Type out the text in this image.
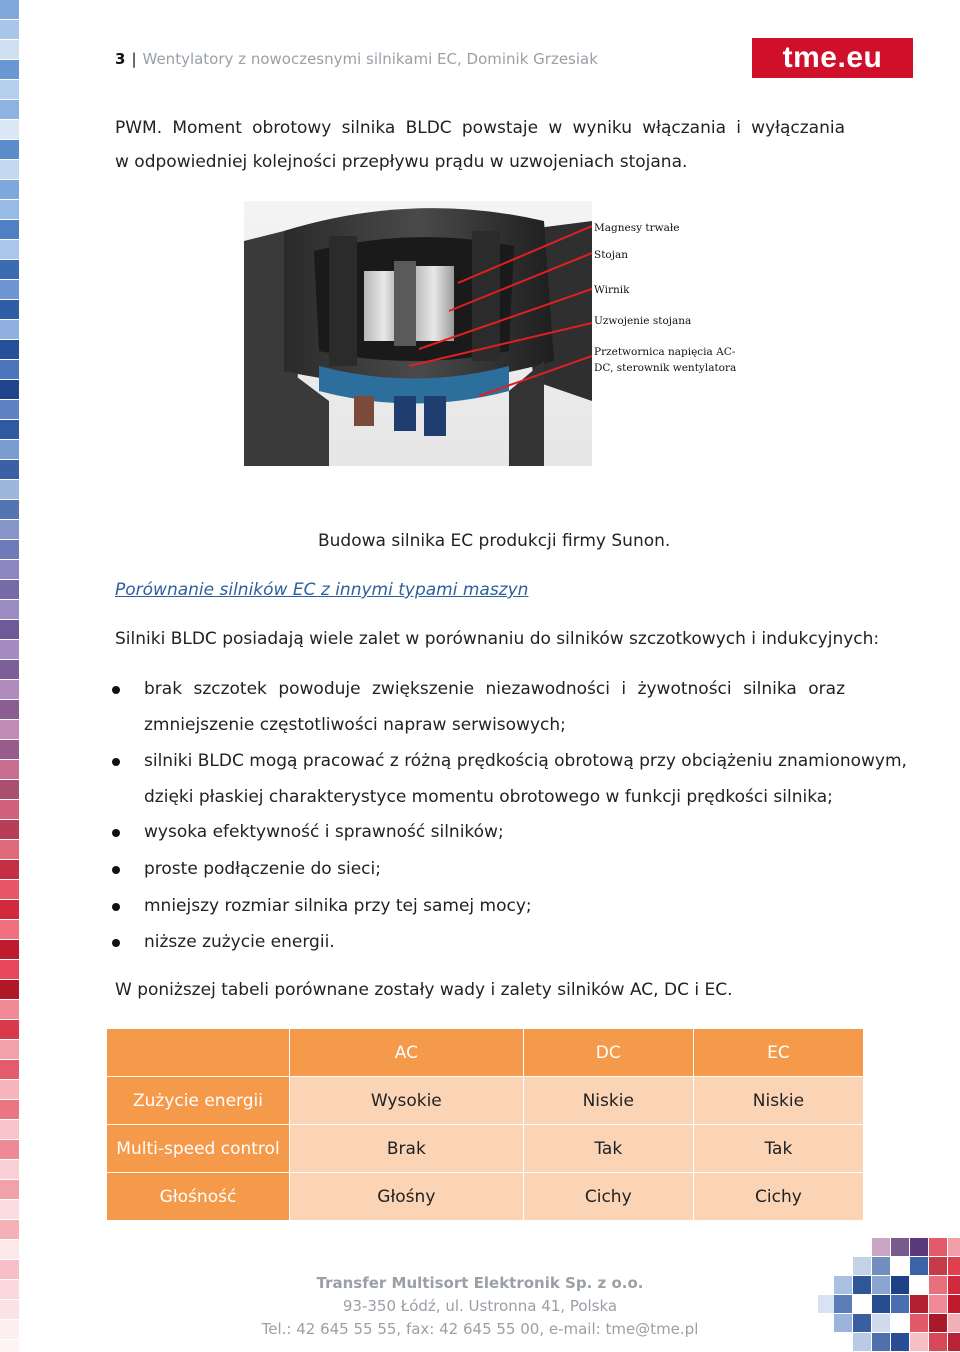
3 | Wentylatory z nowoczesnymi silnikami EC, Dominik Grzesiak	tme.eu
PWM. Moment obrotowy silnika BLDC powstaje w wyniku włączania i wyłączania
w odpowiedniej kolejności przepływu prądu w uzwojeniach stojana.
Magnesy trwałe
Stojan
Wirnik
Uzwojenie stojana
Przetwornica napięcia AC-
DC, sterownik wentylatora
Budowa silnika EC produkcji firmy Sunon.
Porównanie silników EC z innymi typami maszyn
Silniki BLDC posiadają wiele zalet w porównaniu do silników szczotkowych i indukcyjnych:
brak szczotek powoduje zwiększenie niezawodności i żywotności silnika oraz
zmniejszenie częstotliwości napraw serwisowych;
silniki BLDC mogą pracować z różną prędkością obrotową przy obciążeniu znamionowym,
dzięki płaskiej charakterystyce momentu obrotowego w funkcji prędkości silnika;
wysoka efektywność i sprawność silników;
proste podłączenie do sieci;
mniejszy rozmiar silnika przy tej samej mocy;
niższe zużycie energii.
W poniższej tabeli porównane zostały wady i zalety silników AC, DC i EC.
	AC	DC	EC
Zużycie energii	Wysokie	Niskie	Niskie
Multi-speed control	Brak	Tak	Tak
Głośność	Głośny	Cichy	Cichy
Transfer Multisort Elektronik Sp. z o.o.
93-350 Łódź, ul. Ustronna 41, Polska
Tel.: 42 645 55 55, fax: 42 645 55 00, e-mail: tme@tme.pl
